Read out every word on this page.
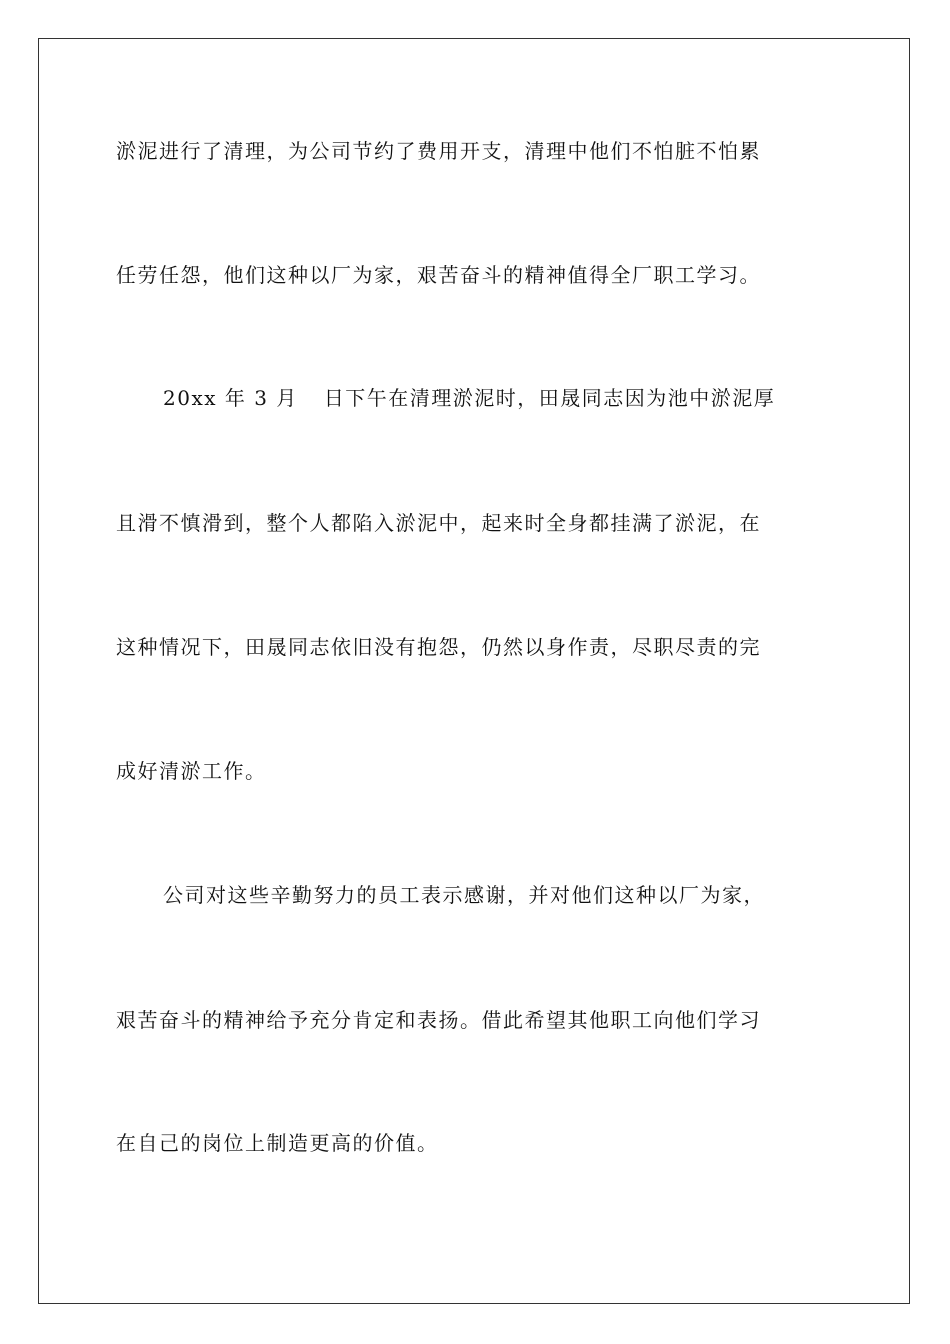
淤泥进行了清理，为公司节约了费用开支，清理中他们不怕脏不怕累
任劳任怨，他们这种以厂为家，艰苦奋斗的精神值得全厂职工学习。
20xx 年 3 月 日下午在清理淤泥时，田晟同志因为池中淤泥厚
且滑不慎滑到，整个人都陷入淤泥中，起来时全身都挂满了淤泥，在
这种情况下，田晟同志依旧没有抱怨，仍然以身作责，尽职尽责的完
成好清淤工作。
公司对这些辛勤努力的员工表示感谢，并对他们这种以厂为家，
艰苦奋斗的精神给予充分肯定和表扬。借此希望其他职工向他们学习
在自己的岗位上制造更高的价值。
